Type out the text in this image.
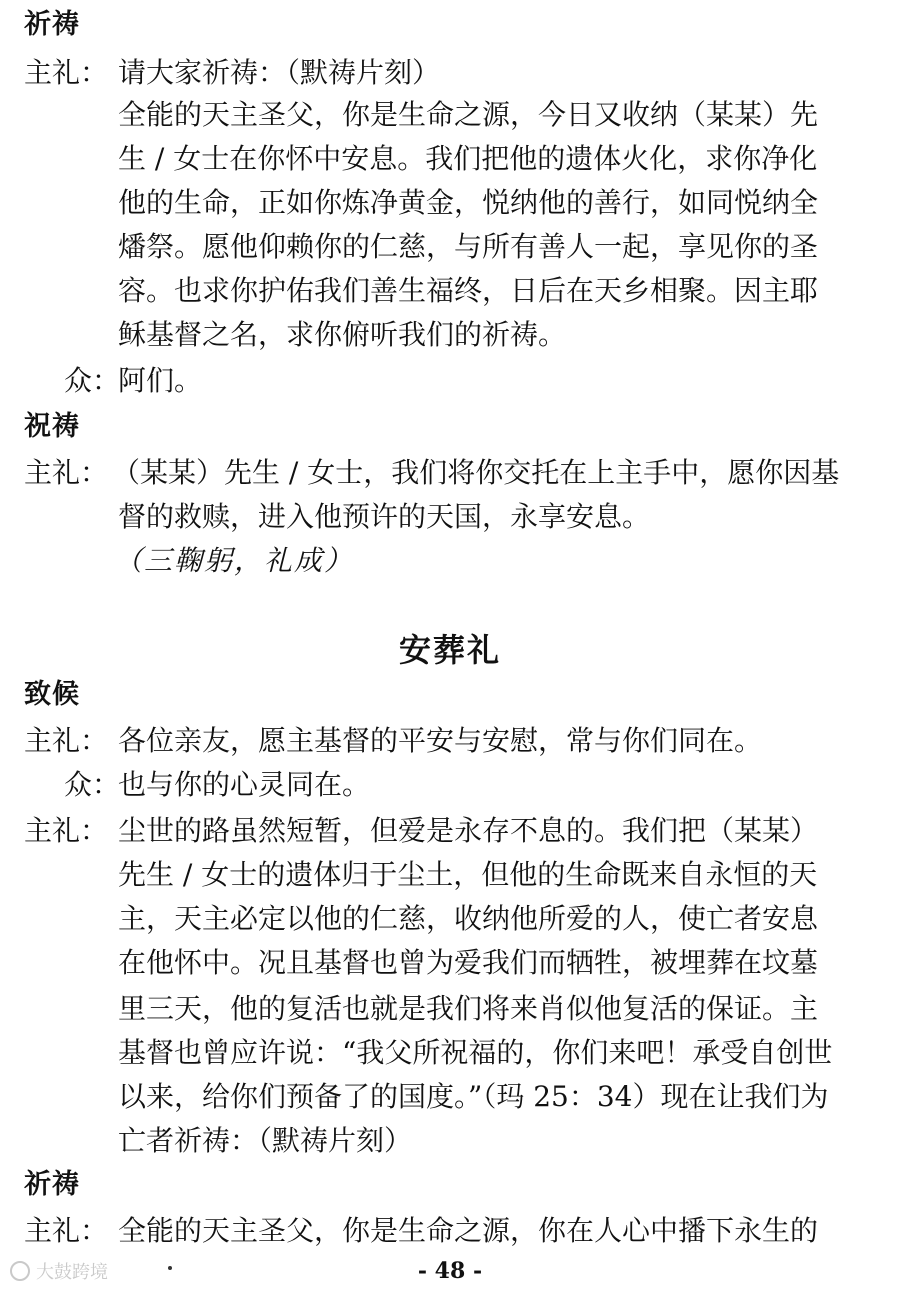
祈祷
主礼： 请大家祈祷：（默祷片刻）
全能的天主圣父，你是生命之源，今日又收纳（某某）先
生 / 女士在你怀中安息。我们把他的遗体火化，求你净化
他的生命，正如你炼净黄金，悦纳他的善行，如同悦纳全
燔祭。愿他仰赖你的仁慈，与所有善人一起，享见你的圣
容。也求你护佑我们善生福终，日后在天乡相聚。因主耶
稣基督之名，求你俯听我们的祈祷。
众：
阿们。
祝祷
主礼： （某某）先生 / 女士，我们将你交托在上主手中，愿你因基
督的救赎，进入他预许的天国，永享安息。
（三鞠躬，礼成）
安葬礼
致候
主礼： 各位亲友，愿主基督的平安与安慰，常与你们同在。
众：
也与你的心灵同在。
主礼： 尘世的路虽然短暂，但爱是永存不息的。我们把（某某）
先生 / 女士的遗体归于尘土，但他的生命既来自永恒的天
主，天主必定以他的仁慈，收纳他所爱的人，使亡者安息
在他怀中。况且基督也曾为爱我们而牺牲，被埋葬在坟墓
里三天，他的复活也就是我们将来肖似他复活的保证。主
基督也曾应许说：“我父所祝福的，你们来吧！承受自创世
以来，给你们预备了的国度。”（玛 25：34）现在让我们为
亡者祈祷：（默祷片刻）
祈祷
主礼： 全能的天主圣父，你是生命之源，你在人心中播下永生的
大鼓跨境	- 48 -
